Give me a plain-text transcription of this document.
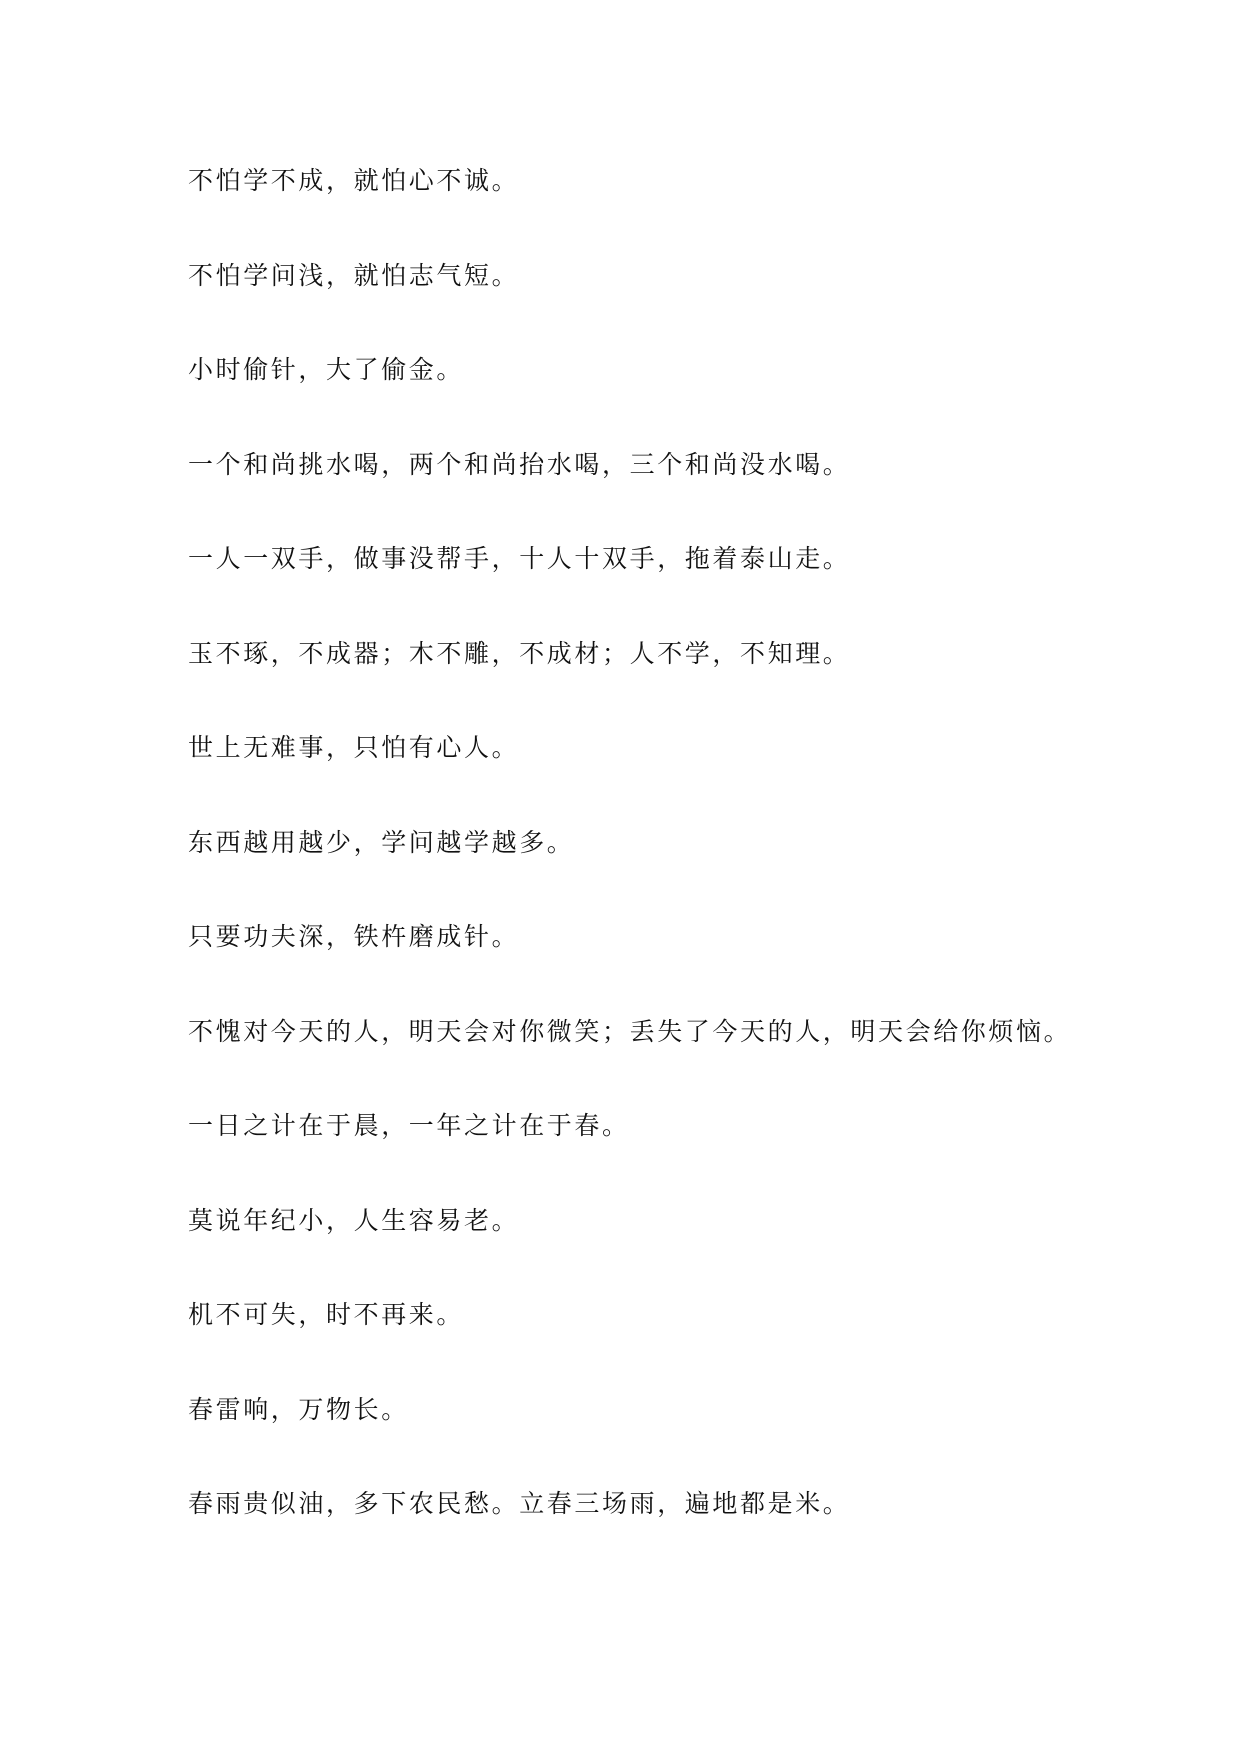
不怕学不成，就怕心不诚。

不怕学问浅，就怕志气短。

小时偷针，大了偷金。

一个和尚挑水喝，两个和尚抬水喝，三个和尚没水喝。

一人一双手，做事没帮手，十人十双手，拖着泰山走。

玉不琢，不成器；木不雕，不成材；人不学，不知理。

世上无难事，只怕有心人。

东西越用越少，学问越学越多。

只要功夫深，铁杵磨成针。

不愧对今天的人，明天会对你微笑；丢失了今天的人，明天会给你烦恼。

一日之计在于晨，一年之计在于春。

莫说年纪小，人生容易老。

机不可失，时不再来。

春雷响，万物长。

春雨贵似油，多下农民愁。立春三场雨，遍地都是米。
